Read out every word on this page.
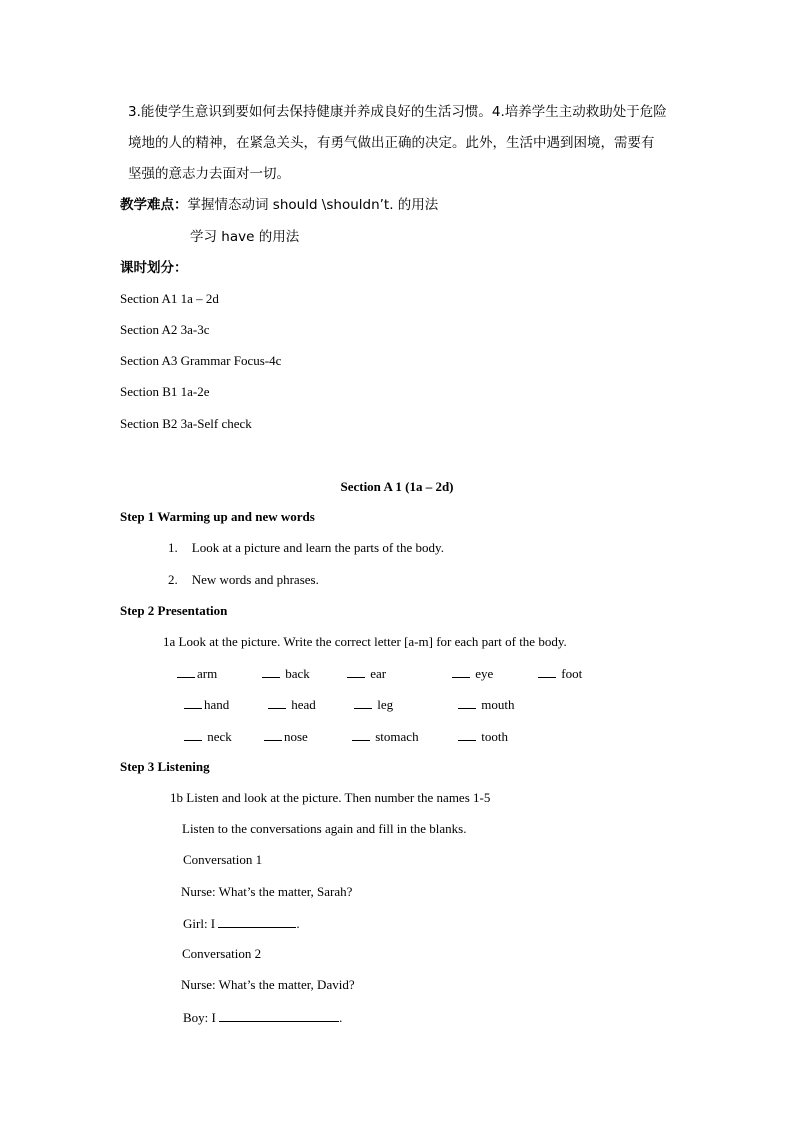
3.能使学生意识到要如何去保持健康并养成良好的生活习惯。4.培养学生主动救助处于危险
境地的人的精神，在紧急关头，有勇气做出正确的决定。此外，生活中遇到困境，需要有
坚强的意志力去面对一切。
教学难点：掌握情态动词 should \shouldn’t. 的用法
学习 have 的用法
课时划分：
Section A1 1a – 2d
Section A2 3a-3c
Section A3 Grammar Focus-4c
Section B1 1a-2e
Section B2 3a-Self check
Section A 1 (1a – 2d)
Step 1 Warming up and new words
1. Look at a picture and learn the parts of the body.
2. New words and phrases.
Step 2 Presentation
1a Look at the picture. Write the correct letter [a-m] for each part of the body.
arm	back	ear	eye	foot
hand	head	leg	mouth
neck	nose	stomach	tooth
Step 3 Listening
1b Listen and look at the picture. Then number the names 1-5
Listen to the conversations again and fill in the blanks.
Conversation 1
Nurse: What’s the matter, Sarah?
Girl: I	.
Conversation 2
Nurse: What’s the matter, David?
Boy: I	.
